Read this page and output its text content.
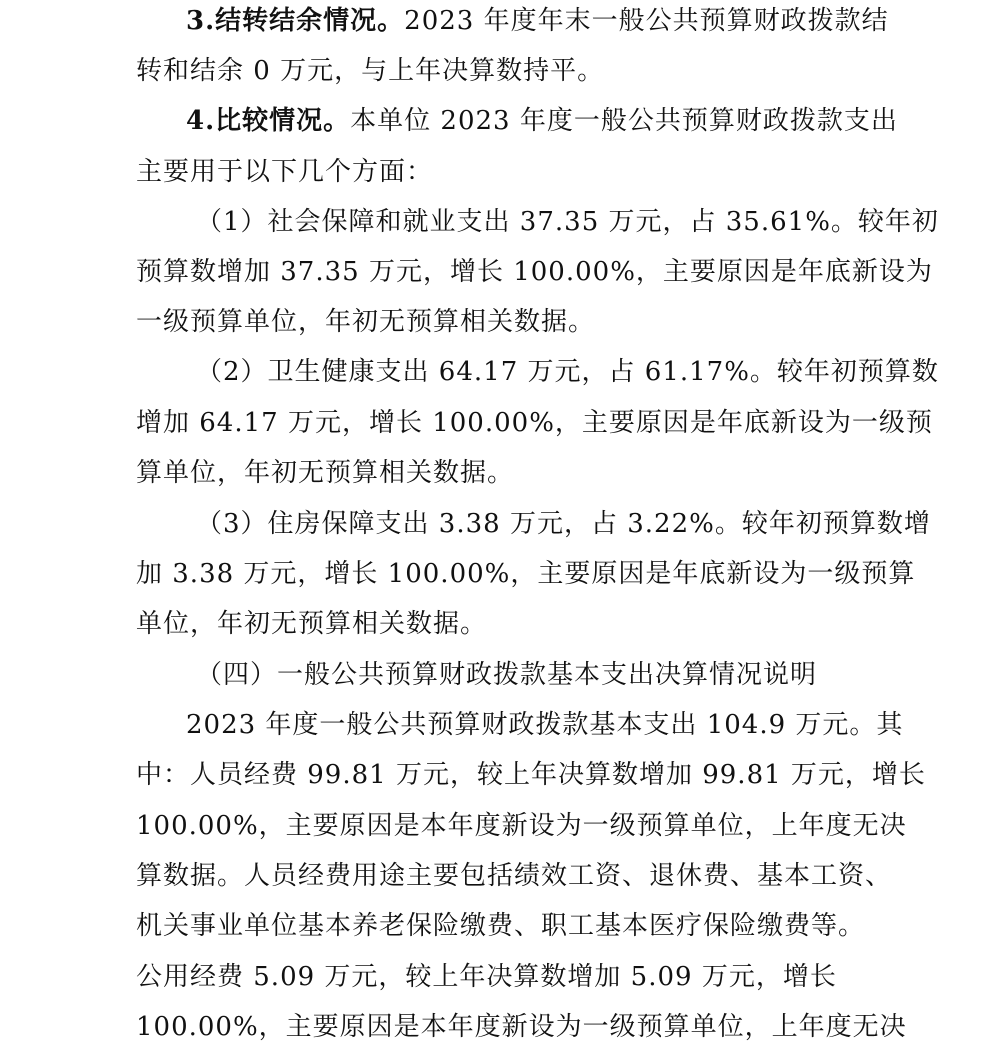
3.结转结余情况。2023 年度年末一般公共预算财政拨款结
转和结余 0 万元，与上年决算数持平。
4.比较情况。本单位 2023 年度一般公共预算财政拨款支出
主要用于以下几个方面：
（1）社会保障和就业支出 37.35 万元，占 35.61%。较年初
预算数增加 37.35 万元，增长 100.00%，主要原因是年底新设为
一级预算单位，年初无预算相关数据。
（2）卫生健康支出 64.17 万元，占 61.17%。较年初预算数
增加 64.17 万元，增长 100.00%，主要原因是年底新设为一级预
算单位，年初无预算相关数据。
（3）住房保障支出 3.38 万元，占 3.22%。较年初预算数增
加 3.38 万元，增长 100.00%，主要原因是年底新设为一级预算
单位，年初无预算相关数据。
（四）一般公共预算财政拨款基本支出决算情况说明
2023 年度一般公共预算财政拨款基本支出 104.9 万元。其
中：人员经费 99.81 万元，较上年决算数增加 99.81 万元，增长
100.00%，主要原因是本年度新设为一级预算单位，上年度无决
算数据。人员经费用途主要包括绩效工资、退休费、基本工资、
机关事业单位基本养老保险缴费、职工基本医疗保险缴费等。
公用经费 5.09 万元，较上年决算数增加 5.09 万元，增长
100.00%，主要原因是本年度新设为一级预算单位，上年度无决
